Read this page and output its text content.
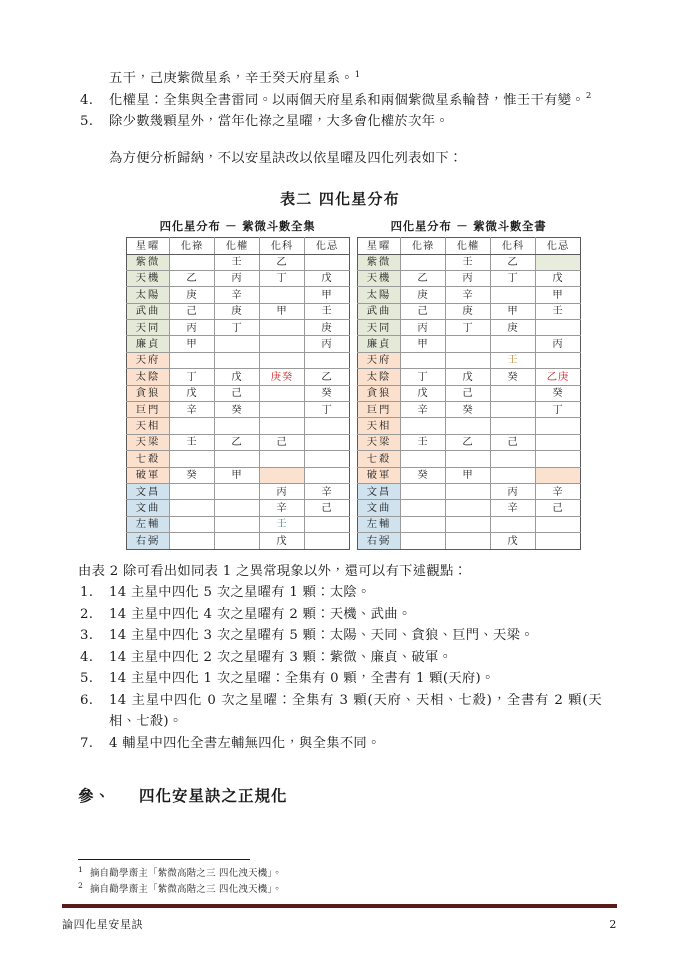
五干，己庚紫微星系，辛壬癸天府星系。$^1$

4.	化權星：全集與全書雷同。以兩個天府星系和兩個紫微星系輪替，惟壬干有變。$^2$
5.	除少數幾顆星外，當年化祿之星曜，大多會化權於次年。

為方便分析歸納，不以安星訣改以依星曜及四化列表如下：

表二 四化星分布
四化星分布 － 紫微斗數全集
星曜	化祿	化權	化科	化忌
紫微		壬	乙	
天機	乙	丙	丁	戊
太陽	庚	辛		甲
武曲	己	庚	甲	壬
天同	丙	丁		庚
廉貞	甲			丙
天府				
太陰	丁	戊	庚癸	乙
貪狼	戊	己		癸
巨門	辛	癸		丁
天相				
天梁	壬	乙	己	
七殺				
破軍	癸	甲		
文昌			丙	辛
文曲			辛	己
左輔			壬	
右弼			戊	
四化星分布 － 紫微斗數全書
星曜	化祿	化權	化科	化忌
紫微		壬	乙	
天機	乙	丙	丁	戊
太陽	庚	辛		甲
武曲	己	庚	甲	壬
天同	丙	丁	庚	
廉貞	甲			丙
天府			壬	
太陰	丁	戊	癸	乙庚
貪狼	戊	己		癸
巨門	辛	癸		丁
天相				
天梁	壬	乙	己	
七殺				
破軍	癸	甲		
文昌			丙	辛
文曲			辛	己
左輔				
右弼			戊	

由表 2 除可看出如同表 1 之異常現象以外，還可以有下述觀點：

1.	14 主星中四化 5 次之星曜有 1 顆：太陰。
2.	14 主星中四化 4 次之星曜有 2 顆：天機、武曲。
3.	14 主星中四化 3 次之星曜有 5 顆：太陽、天同、貪狼、巨門、天梁。
4.	14 主星中四化 2 次之星曜有 3 顆：紫微、廉貞、破軍。
5.	14 主星中四化 1 次之星曜：全集有 0 顆，全書有 1 顆(天府)。
6.	14 主星中四化 0 次之星曜：全集有 3 顆(天府、天相、七殺)，全書有 2 顆(天相、七殺)。
7.	4 輔星中四化全書左輔無四化，與全集不同。
參、 四化安星訣之正規化
1 摘自勸學齋主「紫微高階之三 四化洩天機」。
2 摘自勸學齋主「紫微高階之三 四化洩天機」。
論四化星安星訣	2
